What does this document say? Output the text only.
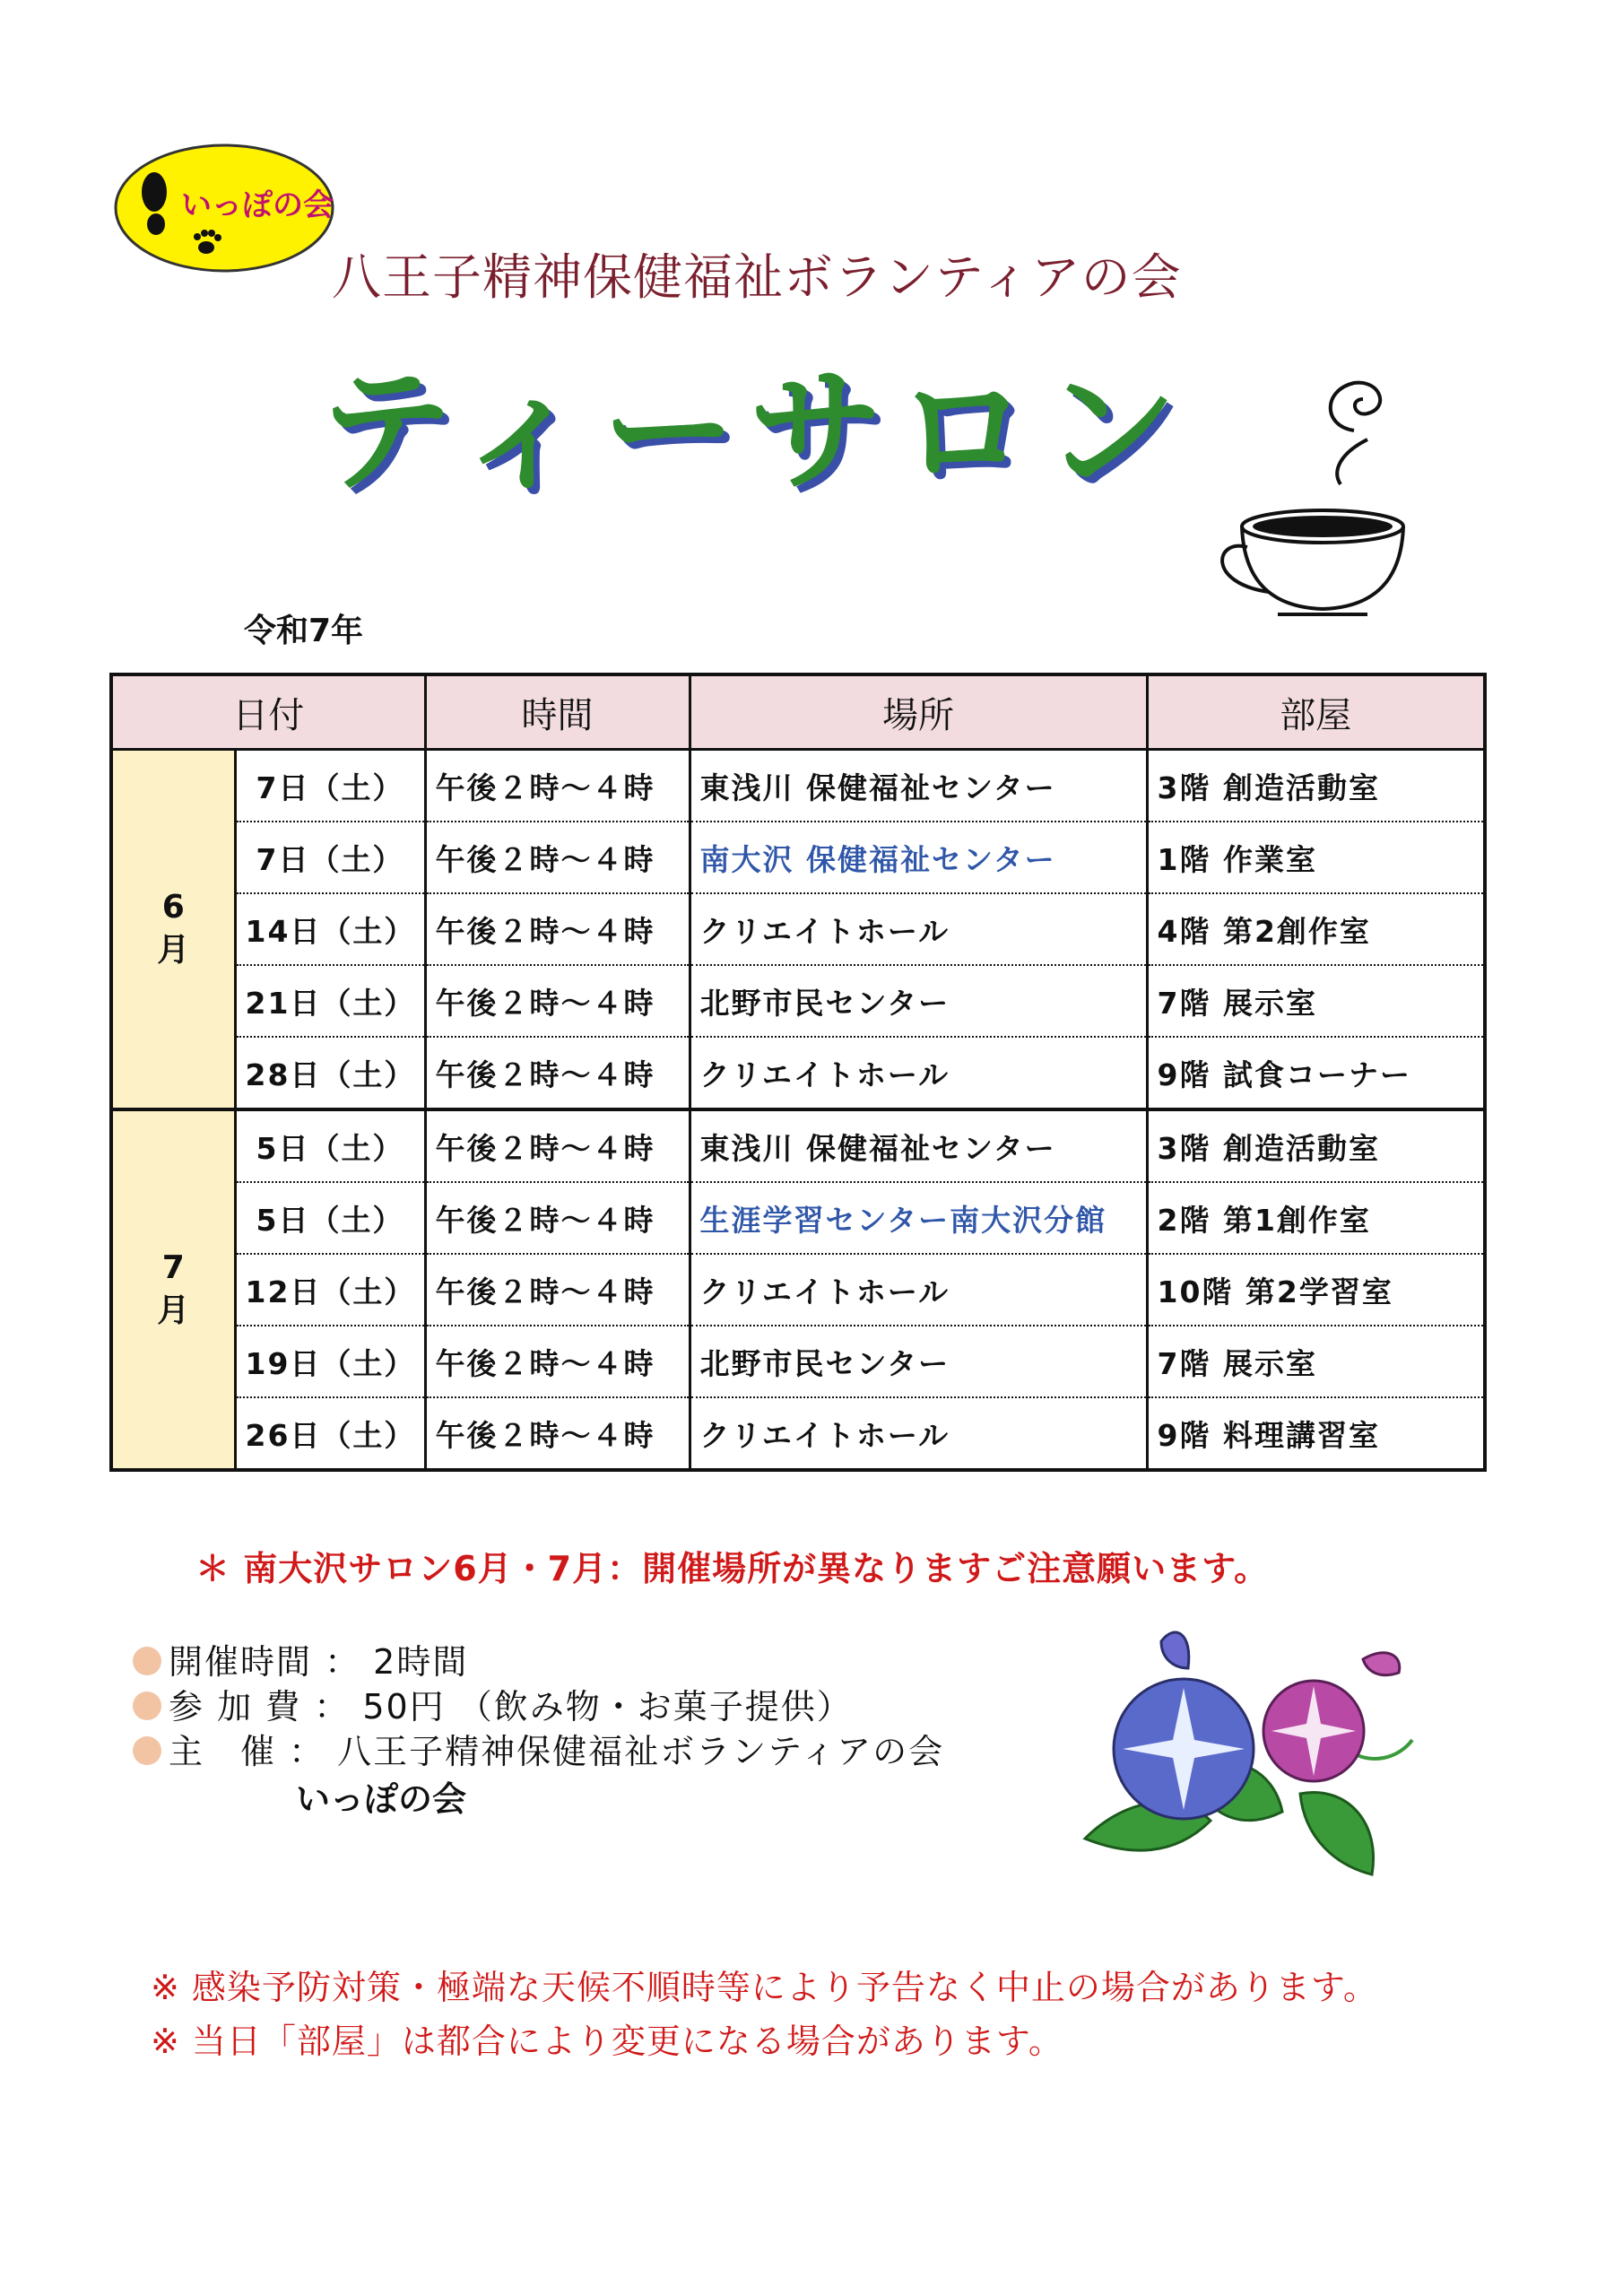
いっぽの会
八王子精神保健福祉ボランティアの会
ティーサロン
令和7年
日付		時間	場所	部屋
6月	7日（土）	午後２時～４時	東浅川 保健福祉センター	3階 創造活動室
	7日（土）	午後２時～４時	南大沢 保健福祉センター	1階 作業室
	14日（土）	午後２時～４時	クリエイトホール	4階 第2創作室
	21日（土）	午後２時～４時	北野市民センター	7階 展示室
	28日（土）	午後２時～４時	クリエイトホール	9階 試食コーナー
7月	5日（土）	午後２時～４時	東浅川 保健福祉センター	3階 創造活動室
	5日（土）	午後２時～４時	生涯学習センター南大沢分館	2階 第1創作室
	12日（土）	午後２時～４時	クリエイトホール	10階 第2学習室
	19日（土）	午後２時～４時	北野市民センター	7階 展示室
	26日（土）	午後２時～４時	クリエイトホール	9階 料理講習室
＊ 南大沢サロン6月・7月：開催場所が異なりますご注意願います。
開催時間 ： 2時間
参 加 費 ： 50円 （飲み物・お菓子提供）
主　催 ： 八王子精神保健福祉ボランティアの会
いっぽの会
※ 感染予防対策・極端な天候不順時等により予告なく中止の場合があります。
※ 当日「部屋」は都合により変更になる場合があります。
